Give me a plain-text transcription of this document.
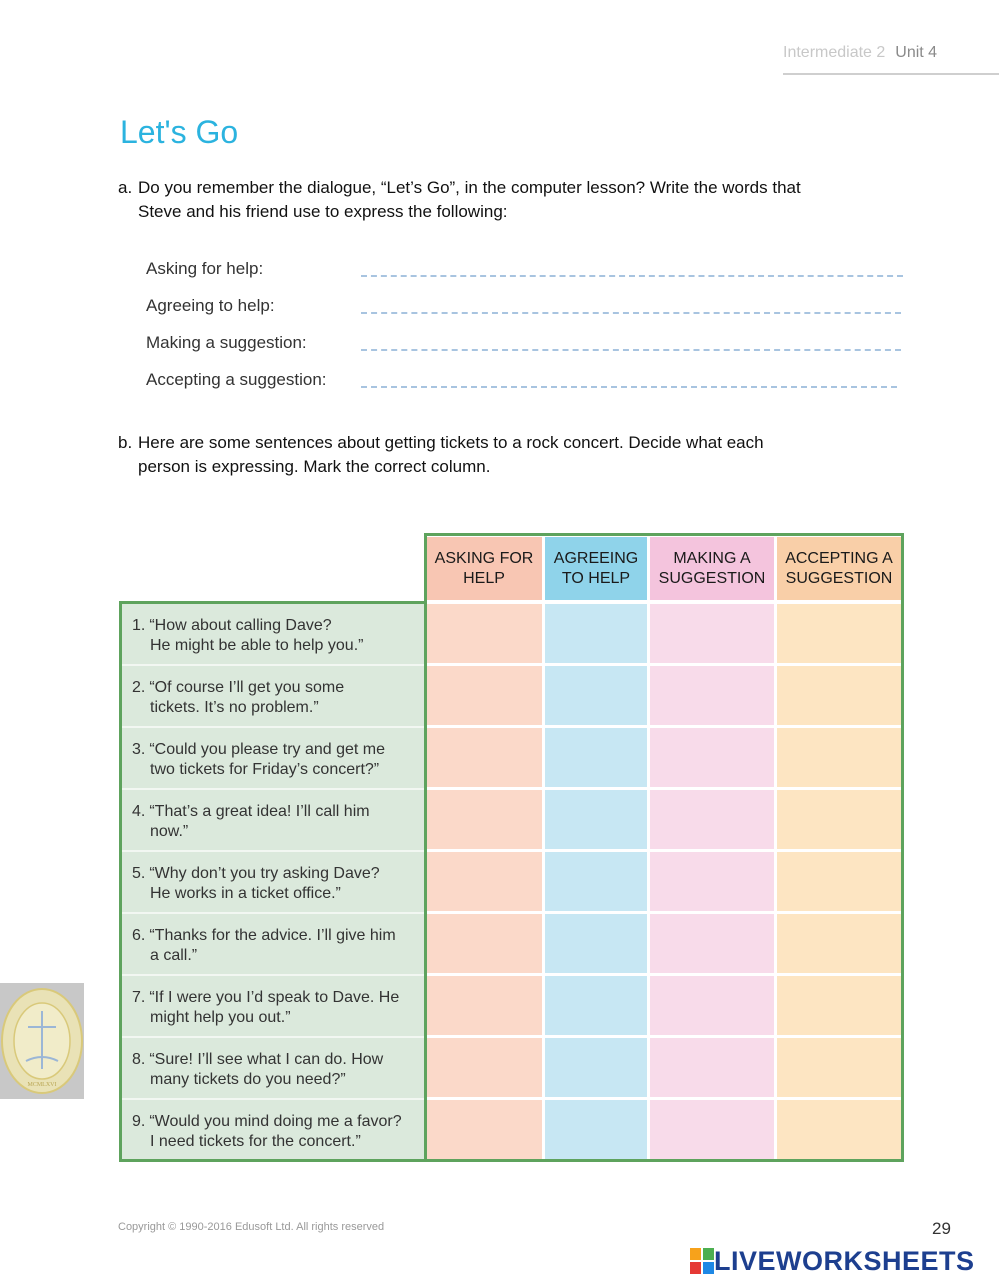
Intermediate 2 Unit 4
Let's Go
a. Do you remember the dialogue, “Let’s Go”, in the computer lesson? Write the words that
Steve and his friend use to express the following:
Asking for help:
Agreeing to help:
Making a suggestion:
Accepting a suggestion:
b. Here are some sentences about getting tickets to a rock concert. Decide what each
person is expressing. Mark the correct column.
ASKING FOR
HELP
AGREEING
TO HELP
MAKING A
SUGGESTION
ACCEPTING A
SUGGESTION
1. “How about calling Dave?
He might be able to help you.”
2. “Of course I’ll get you some
tickets. It’s no problem.”
3. “Could you please try and get me
two tickets for Friday’s concert?”
4. “That’s a great idea! I’ll call him
now.”
5. “Why don’t you try asking Dave?
He works in a ticket office.”
6. “Thanks for the advice. I’ll give him
a call.”
7. “If I were you I’d speak to Dave. He
might help you out.”
8. “Sure! I’ll see what I can do. How
many tickets do you need?”
9. “Would you mind doing me a favor?
I need tickets for the concert.”
MCMLXVI
Copyright © 1990-2016 Edusoft Ltd. All rights reserved	29
LIVEWORKSHEETS
